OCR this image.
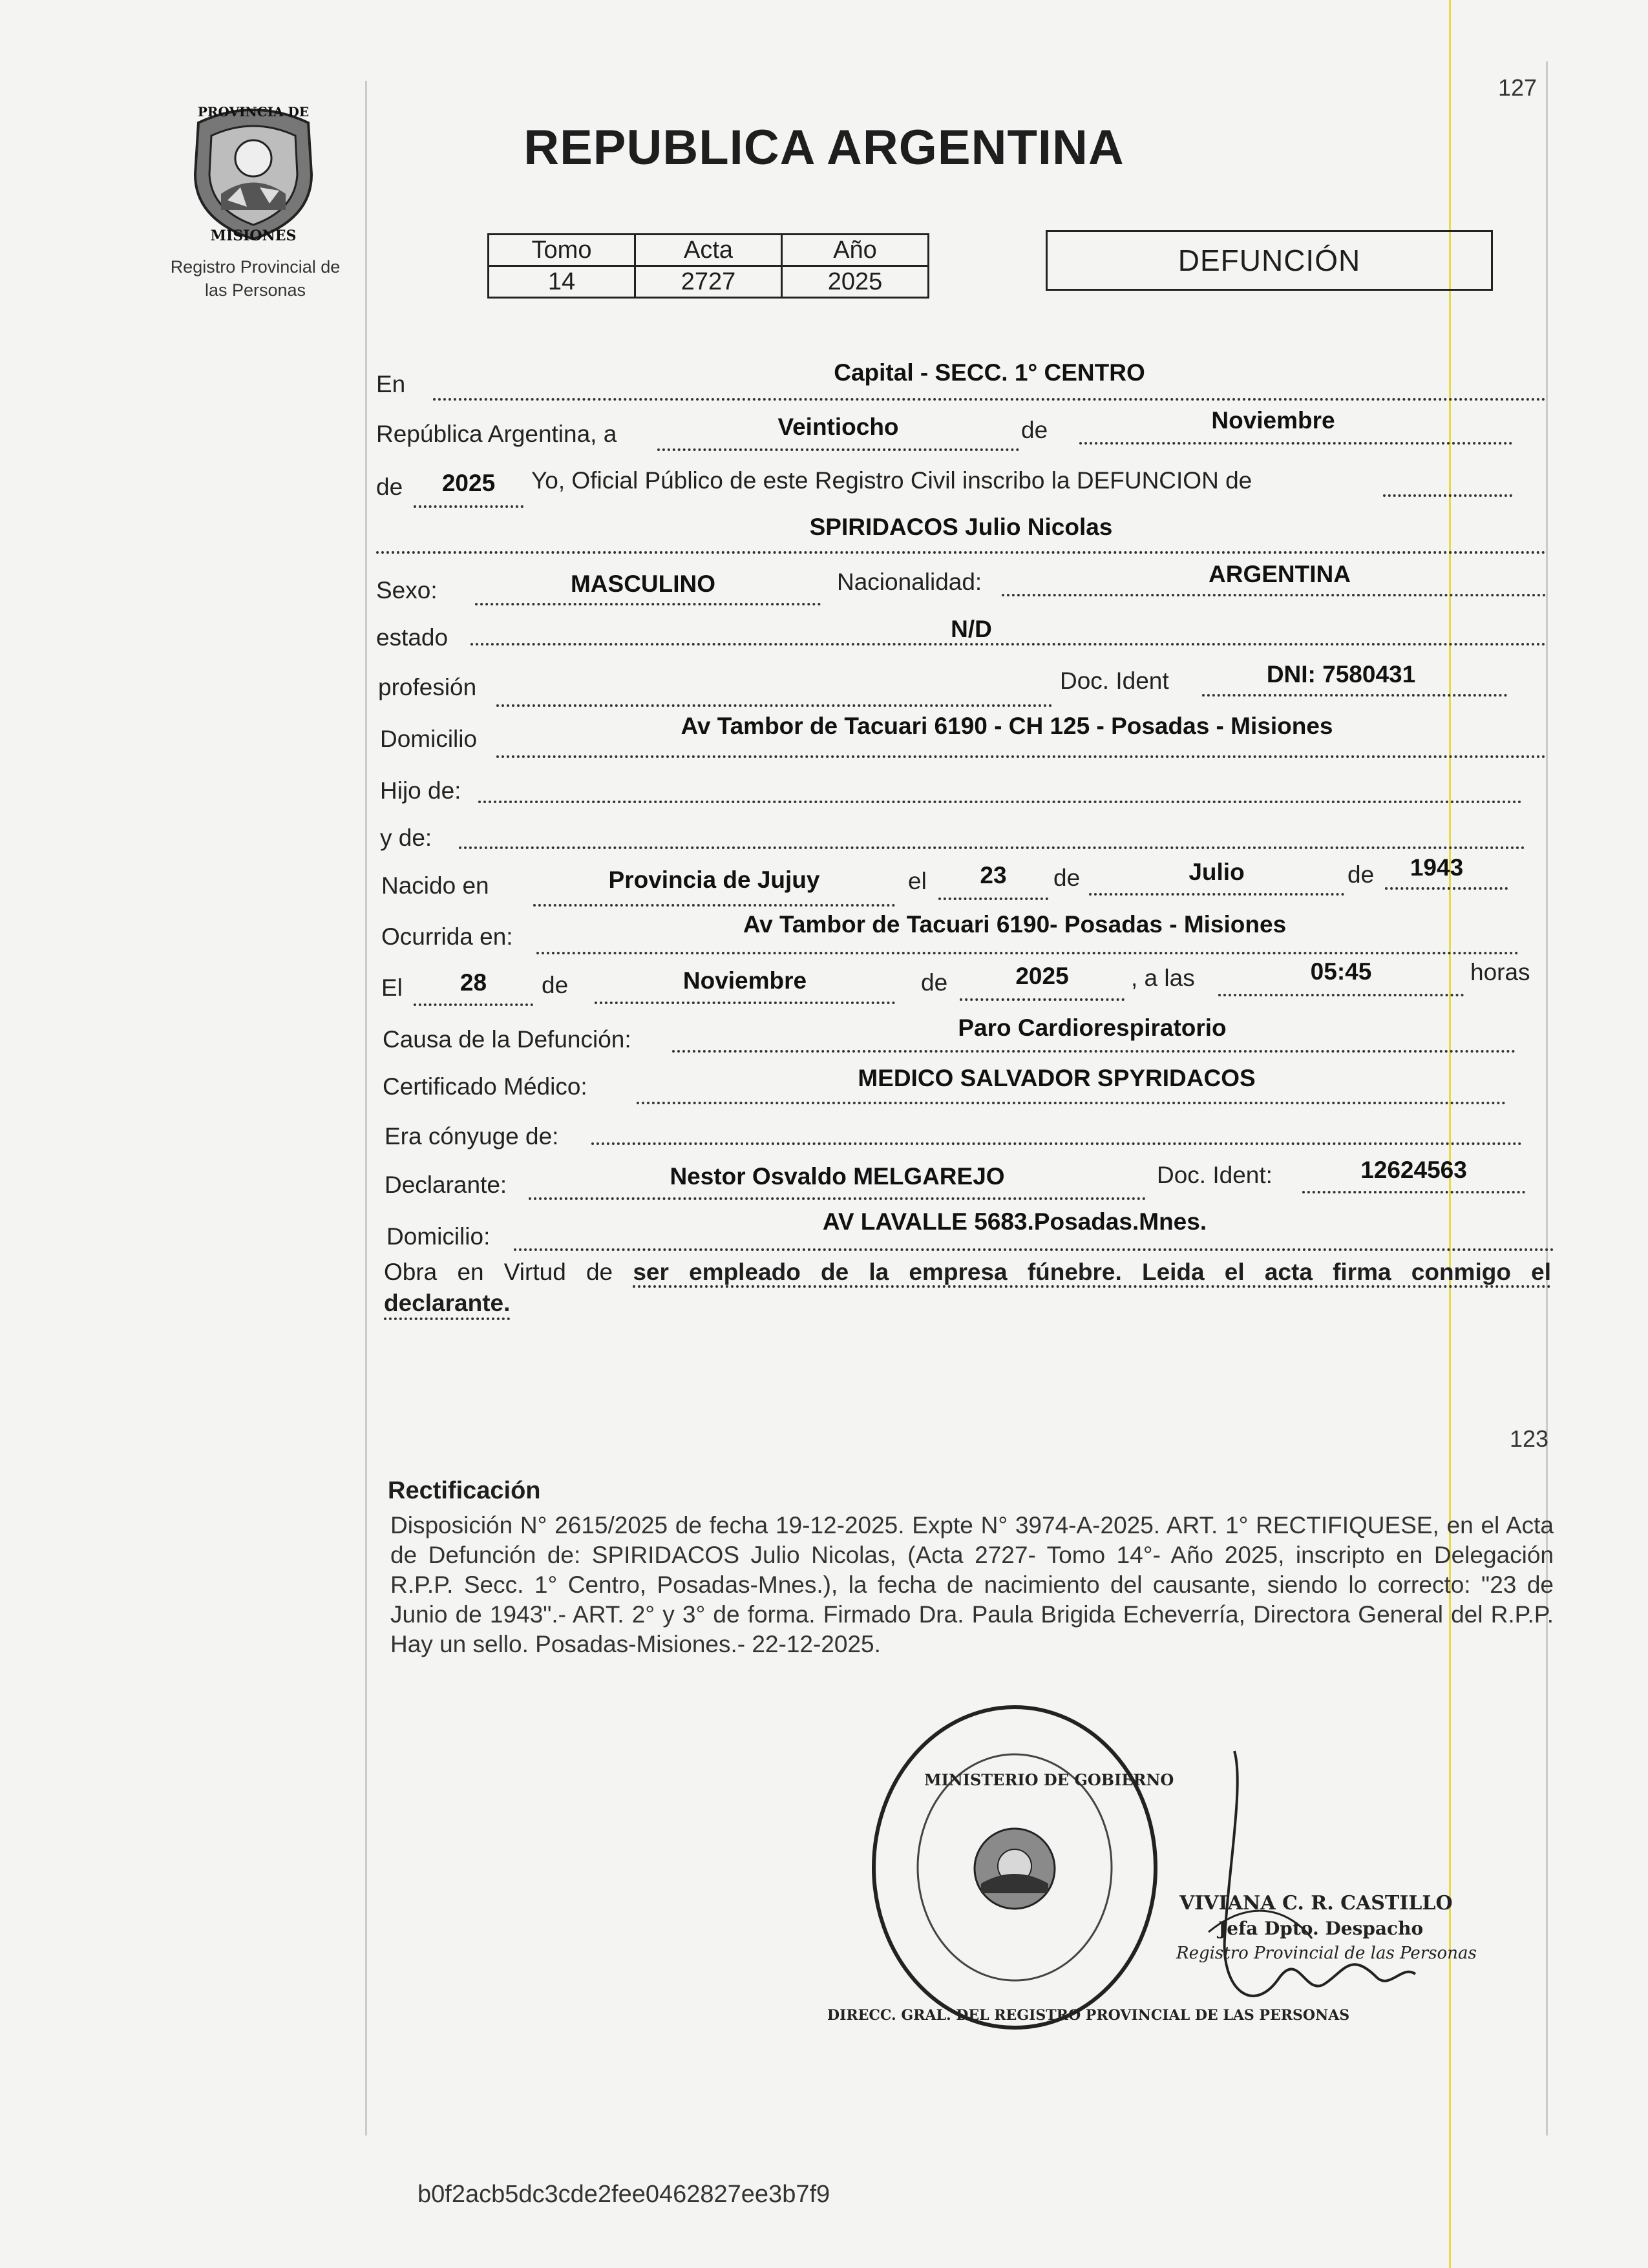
127
PROVINCIA DE
MISIONES
Registro Provincial de
las Personas
REPUBLICA ARGENTINA
Tomo	Acta	Año
14	2727	2025
DEFUNCIÓN
En	Capital - SECC. 1° CENTRO
República Argentina, a	Veintiocho	de	Noviembre
de	2025	Yo, Oficial Público de este Registro Civil inscribo la DEFUNCION de
SPIRIDACOS Julio Nicolas
Sexo:	MASCULINO	Nacionalidad:	ARGENTINA
estado	N/D
profesión	Doc. Ident	DNI: 7580431
Domicilio	Av Tambor de Tacuari 6190 - CH 125 - Posadas - Misiones
Hijo de:
y de:
Nacido en	Provincia de Jujuy	el	23	de	Julio	de	1943
Ocurrida en:	Av Tambor de Tacuari 6190- Posadas - Misiones
El	28	de	Noviembre	de	2025	, a las	05:45	horas
Causa de la Defunción:	Paro Cardiorespiratorio
Certificado Médico:	MEDICO SALVADOR SPYRIDACOS
Era cónyuge de:
Declarante:	Nestor Osvaldo MELGAREJO	Doc. Ident:	12624563
Domicilio:
AV LAVALLE 5683.Posadas.Mnes.
Obra en Virtud de ser empleado de la empresa fúnebre. Leida el acta firma conmigo el
declarante.
123
Rectificación
Disposición N° 2615/2025 de fecha 19-12-2025. Expte N° 3974-A-2025. ART. 1° RECTIFIQUESE, en el Acta de Defunción de: SPIRIDACOS Julio Nicolas, (Acta 2727- Tomo 14°- Año 2025, inscripto en Delegación R.P.P. Secc. 1° Centro, Posadas-Mnes.), la fecha de nacimiento del causante, siendo lo correcto: "23 de Junio de 1943".- ART. 2° y 3° de forma. Firmado Dra. Paula Brigida Echeverría, Directora General del R.P.P. Hay un sello. Posadas-Misiones.- 22-12-2025.
DIRECC. GRAL. DEL REGISTRO PROVINCIAL DE LAS PERSONAS
MINISTERIO DE GOBIERNO
VIVIANA C. R. CASTILLO
Jefa Dpto. Despacho
Registro Provincial de las Personas
b0f2acb5dc3cde2fee0462827ee3b7f9
